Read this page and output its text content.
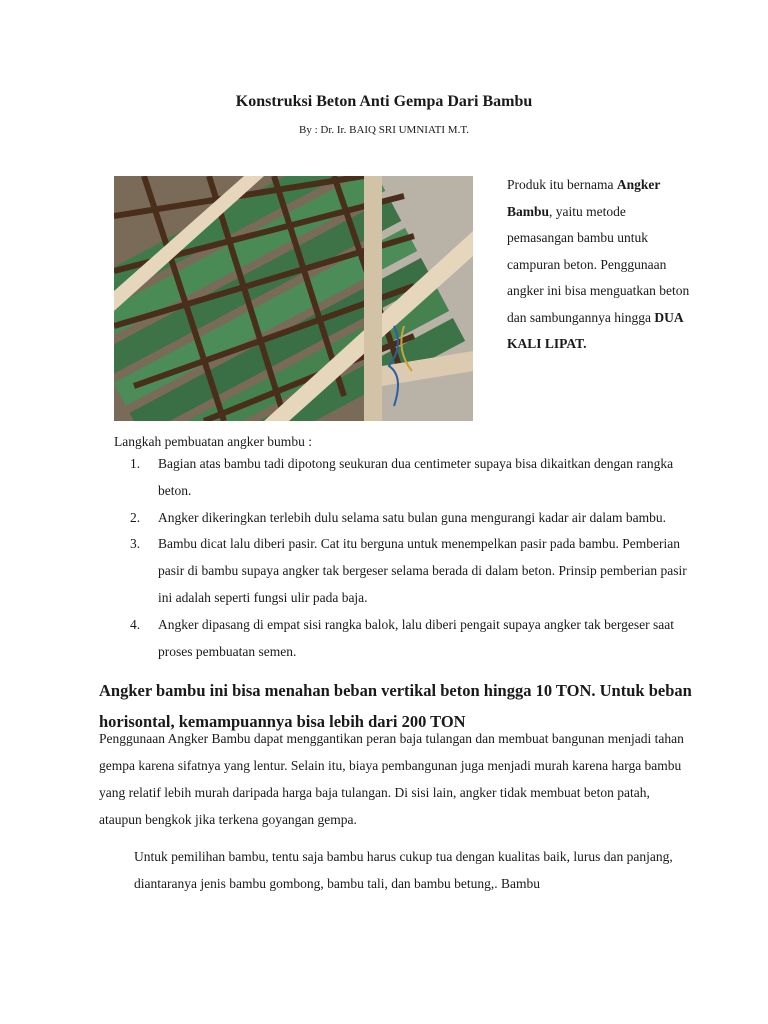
Konstruksi Beton Anti Gempa Dari Bambu
By : Dr. Ir. BAIQ SRI UMNIATI M.T.
Produk itu bernama Angker Bambu, yaitu metode pemasangan bambu untuk campuran beton. Penggunaan angker ini bisa menguatkan beton dan sambungannya hingga DUA KALI LIPAT.
Langkah pembuatan angker bumbu :
1. Bagian atas bambu tadi dipotong seukuran dua centimeter supaya bisa dikaitkan dengan rangka beton.
2. Angker dikeringkan terlebih dulu selama satu bulan guna mengurangi kadar air dalam bambu.
3. Bambu dicat lalu diberi pasir. Cat itu berguna untuk menempelkan pasir pada bambu. Pemberian pasir di bambu supaya angker tak bergeser selama berada di dalam beton. Prinsip pemberian pasir ini adalah seperti fungsi ulir pada baja.
4. Angker dipasang di empat sisi rangka balok, lalu diberi pengait supaya angker tak bergeser saat proses pembuatan semen.
Angker bambu ini bisa menahan beban vertikal beton hingga 10 TON. Untuk beban horisontal, kemampuannya bisa lebih dari 200 TON
Penggunaan Angker Bambu dapat menggantikan peran baja tulangan dan membuat bangunan menjadi tahan gempa karena sifatnya yang lentur. Selain itu, biaya pembangunan juga menjadi murah karena harga bambu yang relatif lebih murah daripada harga baja tulangan. Di sisi lain, angker tidak membuat beton patah, ataupun bengkok jika terkena goyangan gempa.
Untuk pemilihan bambu, tentu saja bambu harus cukup tua dengan kualitas baik, lurus dan panjang, diantaranya jenis bambu gombong, bambu tali, dan bambu betung,. Bambu
